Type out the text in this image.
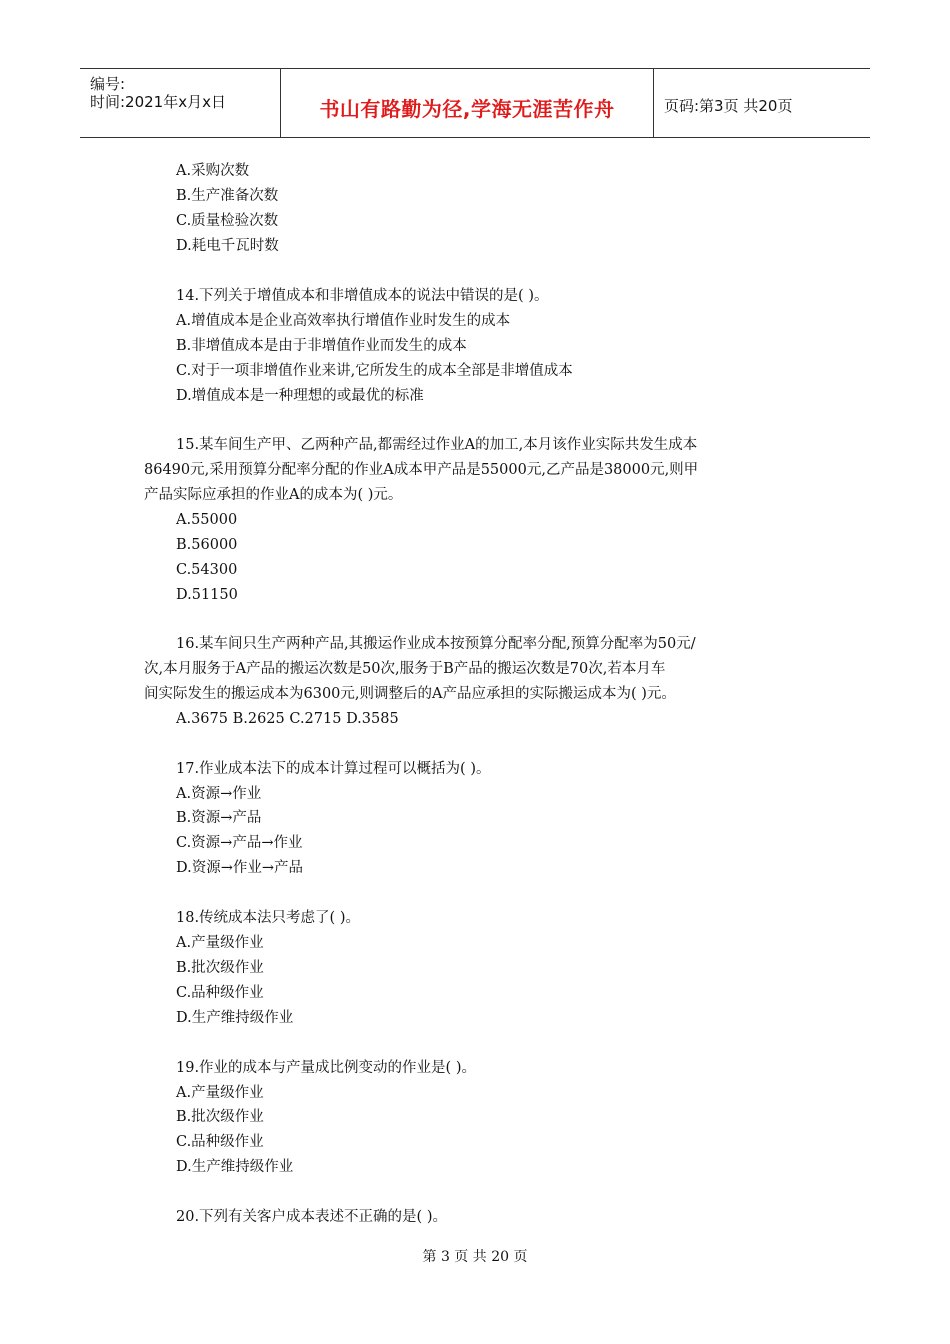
编号:
时间:2021年x月x日	书山有路勤为径,学海无涯苦作舟	页码:第3页 共20页
A.采购次数
B.生产准备次数
C.质量检验次数
D.耗电千瓦时数
14.下列关于增值成本和非增值成本的说法中错误的是( )。
A.增值成本是企业高效率执行增值作业时发生的成本
B.非增值成本是由于非增值作业而发生的成本
C.对于一项非增值作业来讲,它所发生的成本全部是非增值成本
D.增值成本是一种理想的或最优的标准
15.某车间生产甲、乙两种产品,都需经过作业A的加工,本月该作业实际共发生成本
86490元,采用预算分配率分配的作业A成本甲产品是55000元,乙产品是38000元,则甲
产品实际应承担的作业A的成本为( )元。
A.55000
B.56000
C.54300
D.51150
16.某车间只生产两种产品,其搬运作业成本按预算分配率分配,预算分配率为50元/
次,本月服务于A产品的搬运次数是50次,服务于B产品的搬运次数是70次,若本月车
间实际发生的搬运成本为6300元,则调整后的A产品应承担的实际搬运成本为( )元。
A.3675 B.2625 C.2715 D.3585
17.作业成本法下的成本计算过程可以概括为( )。
A.资源→作业
B.资源→产品
C.资源→产品→作业
D.资源→作业→产品
18.传统成本法只考虑了( )。
A.产量级作业
B.批次级作业
C.品种级作业
D.生产维持级作业
19.作业的成本与产量成比例变动的作业是( )。
A.产量级作业
B.批次级作业
C.品种级作业
D.生产维持级作业
20.下列有关客户成本表述不正确的是( )。
第 3 页 共 20 页
